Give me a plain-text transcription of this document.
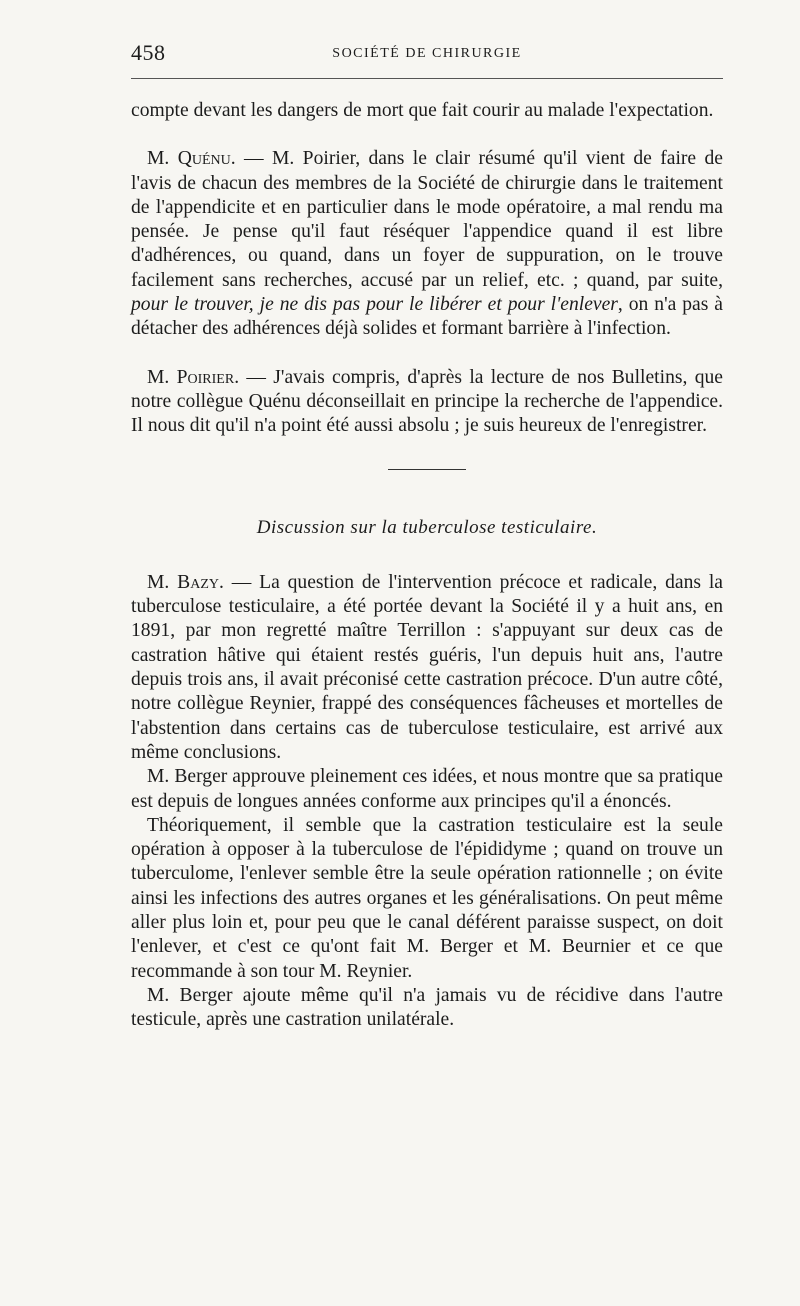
458	SOCIÉTÉ DE CHIRURGIE

compte devant les dangers de mort que fait courir au malade l'expectation.

M. Quénu. — M. Poirier, dans le clair résumé qu'il vient de faire de l'avis de chacun des membres de la Société de chirurgie dans le traitement de l'appendicite et en particulier dans le mode opératoire, a mal rendu ma pensée. Je pense qu'il faut réséquer l'appendice quand il est libre d'adhérences, ou quand, dans un foyer de suppuration, on le trouve facilement sans recherches, accusé par un relief, etc. ; quand, par suite, pour le trouver, je ne dis pas pour le libérer et pour l'enlever, on n'a pas à détacher des adhérences déjà solides et formant barrière à l'infection.

M. Poirier. — J'avais compris, d'après la lecture de nos Bulletins, que notre collègue Quénu déconseillait en principe la recherche de l'appendice. Il nous dit qu'il n'a point été aussi absolu ; je suis heureux de l'enregistrer.

Discussion sur la tuberculose testiculaire.

M. Bazy. — La question de l'intervention précoce et radicale, dans la tuberculose testiculaire, a été portée devant la Société il y a huit ans, en 1891, par mon regretté maître Terrillon : s'appuyant sur deux cas de castration hâtive qui étaient restés guéris, l'un depuis huit ans, l'autre depuis trois ans, il avait préconisé cette castration précoce. D'un autre côté, notre collègue Reynier, frappé des conséquences fâcheuses et mortelles de l'abstention dans certains cas de tuberculose testiculaire, est arrivé aux même conclusions.

M. Berger approuve pleinement ces idées, et nous montre que sa pratique est depuis de longues années conforme aux principes qu'il a énoncés.

Théoriquement, il semble que la castration testiculaire est la seule opération à opposer à la tuberculose de l'épididyme ; quand on trouve un tuberculome, l'enlever semble être la seule opération rationnelle ; on évite ainsi les infections des autres organes et les généralisations. On peut même aller plus loin et, pour peu que le canal déférent paraisse suspect, on doit l'enlever, et c'est ce qu'ont fait M. Berger et M. Beurnier et ce que recommande à son tour M. Reynier.

M. Berger ajoute même qu'il n'a jamais vu de récidive dans l'autre testicule, après une castration unilatérale.
